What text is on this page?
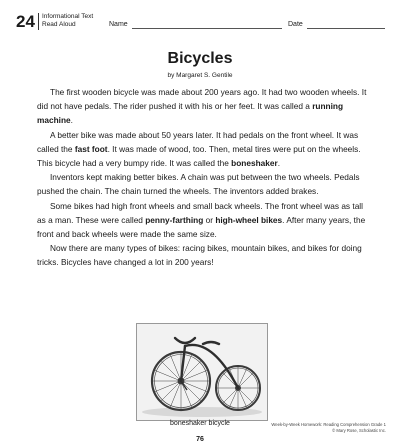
24 Informational Text
Read Aloud	Name	Date
Bicycles
by Margaret S. Gentile

The first wooden bicycle was made about 200 years ago. It had two wooden wheels. It did not have pedals. The rider pushed it with his or her feet. It was called a running machine.

A better bike was made about 50 years later. It had pedals on the front wheel. It was called the fast foot. It was made of wood, too. Then, metal tires were put on the wheels. This bicycle had a very bumpy ride. It was called the boneshaker.

Inventors kept making better bikes. A chain was put between the two wheels. Pedals pushed the chain. The chain turned the wheels. The inventors added brakes.

Some bikes had high front wheels and small back wheels. The front wheel was as tall as a man. These were called penny-farthing or high-wheel bikes. After many years, the front and back wheels were made the same size.

Now there are many types of bikes: racing bikes, mountain bikes, and bikes for doing tricks. Bicycles have changed a lot in 200 years!

boneshaker bicycle
76
Week-by-Week Homework: Reading Comprehension Grade 1
© Mary Rose, Scholastic Inc.
